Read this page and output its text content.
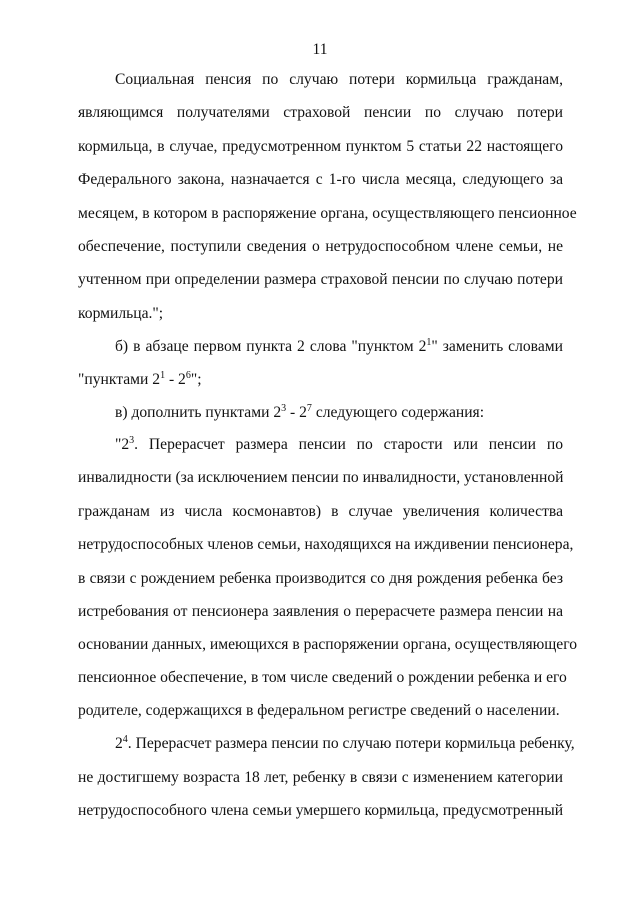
11
Социальная пенсия по случаю потери кормильца гражданам,
являющимся получателями страховой пенсии по случаю потери
кормильца, в случае, предусмотренном пунктом 5 статьи 22 настоящего
Федерального закона, назначается с 1-го числа месяца, следующего за
месяцем, в котором в распоряжение органа, осуществляющего пенсионное
обеспечение, поступили сведения о нетрудоспособном члене семьи, не
учтенном при определении размера страховой пенсии по случаю потери
кормильца.";
б) в абзаце первом пункта 2 слова "пунктом $2^1$" заменить словами
"пунктами $2^1 - 2^6$";
в) дополнить пунктами $2^3 - 2^7$ следующего содержания:
"$2^3$. Перерасчет размера пенсии по старости или пенсии по
инвалидности (за исключением пенсии по инвалидности, установленной
гражданам из числа космонавтов) в случае увеличения количества
нетрудоспособных членов семьи, находящихся на иждивении пенсионера,
в связи с рождением ребенка производится со дня рождения ребенка без
истребования от пенсионера заявления о перерасчете размера пенсии на
основании данных, имеющихся в распоряжении органа, осуществляющего
пенсионное обеспечение, в том числе сведений о рождении ребенка и его
родителе, содержащихся в федеральном регистре сведений о населении.
$2^4$. Перерасчет размера пенсии по случаю потери кормильца ребенку,
не достигшему возраста 18 лет, ребенку в связи с изменением категории
нетрудоспособного члена семьи умершего кормильца, предусмотренный
